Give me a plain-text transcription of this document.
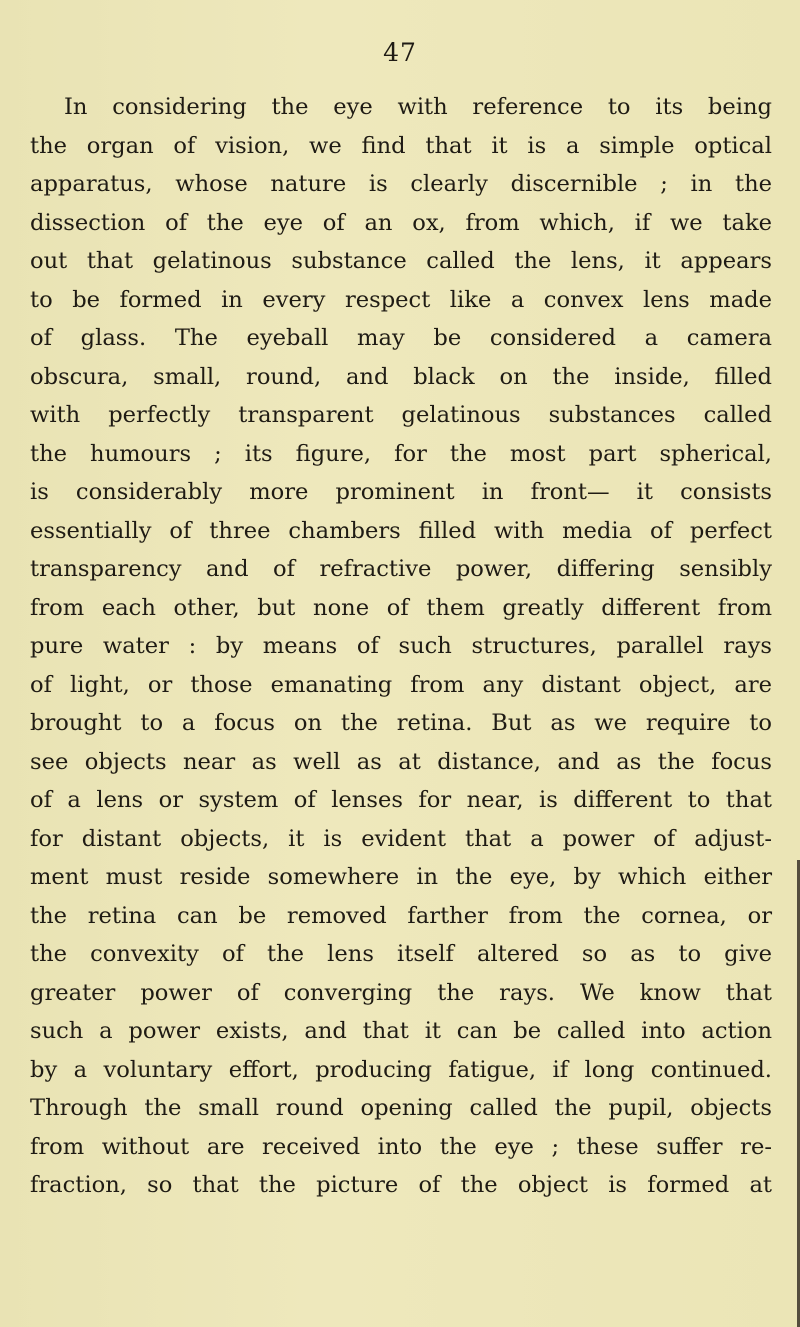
47
In considering the eye with reference to its being
the organ of vision, we find that it is a simple optical
apparatus, whose nature is clearly discernible ; in the
dissection of the eye of an ox, from which, if we take
out that gelatinous substance called the lens, it appears
to be formed in every respect like a convex lens made
of glass. The eyeball may be considered a camera
obscura, small, round, and black on the inside, filled
with perfectly transparent gelatinous substances called
the humours ; its figure, for the most part spherical,
is considerably more prominent in front— it consists
essentially of three chambers filled with media of perfect
transparency and of refractive power, differing sensibly
from each other, but none of them greatly different from
pure water : by means of such structures, parallel rays
of light, or those emanating from any distant object, are
brought to a focus on the retina. But as we require to
see objects near as well as at distance, and as the focus
of a lens or system of lenses for near, is different to that
for distant objects, it is evident that a power of adjust-
ment must reside somewhere in the eye, by which either
the retina can be removed farther from the cornea, or
the convexity of the lens itself altered so as to give
greater power of converging the rays. We know that
such a power exists, and that it can be called into action
by a voluntary effort, producing fatigue, if long continued.
Through the small round opening called the pupil, objects
from without are received into the eye ; these suffer re-
fraction, so that the picture of the object is formed at
